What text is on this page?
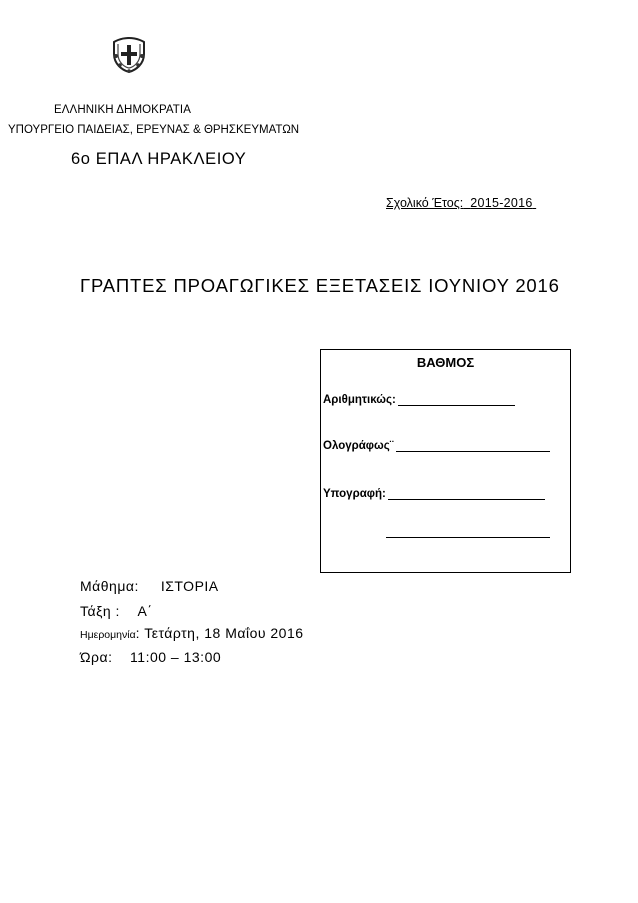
ΕΛΛΗΝΙΚΗ ΔΗΜΟΚΡΑΤΙΑ
ΥΠΟΥΡΓΕΙΟ ΠΑΙΔΕΙΑΣ, ΕΡΕΥΝΑΣ & ΘΡΗΣΚΕΥΜΑΤΩΝ
6ο ΕΠΑΛ ΗΡΑΚΛΕΙΟΥ
Σχολικό Έτος: 2015-2016
ΓΡΑΠΤΕΣ ΠΡΟΑΓΩΓΙΚΕΣ ΕΞΕΤΑΣΕΙΣ ΙΟΥΝΙΟΥ 2016
ΒΑΘΜΟΣ
Αριθμητικώς:
Ολογράφως¨
Υπογραφή:
Μάθημα: ΙΣΤΟΡΙΑ
Τάξη : Α΄
Ημερομηνία: Τετάρτη, 18 Μαΐου 2016
Ώρα: 11:00 – 13:00
